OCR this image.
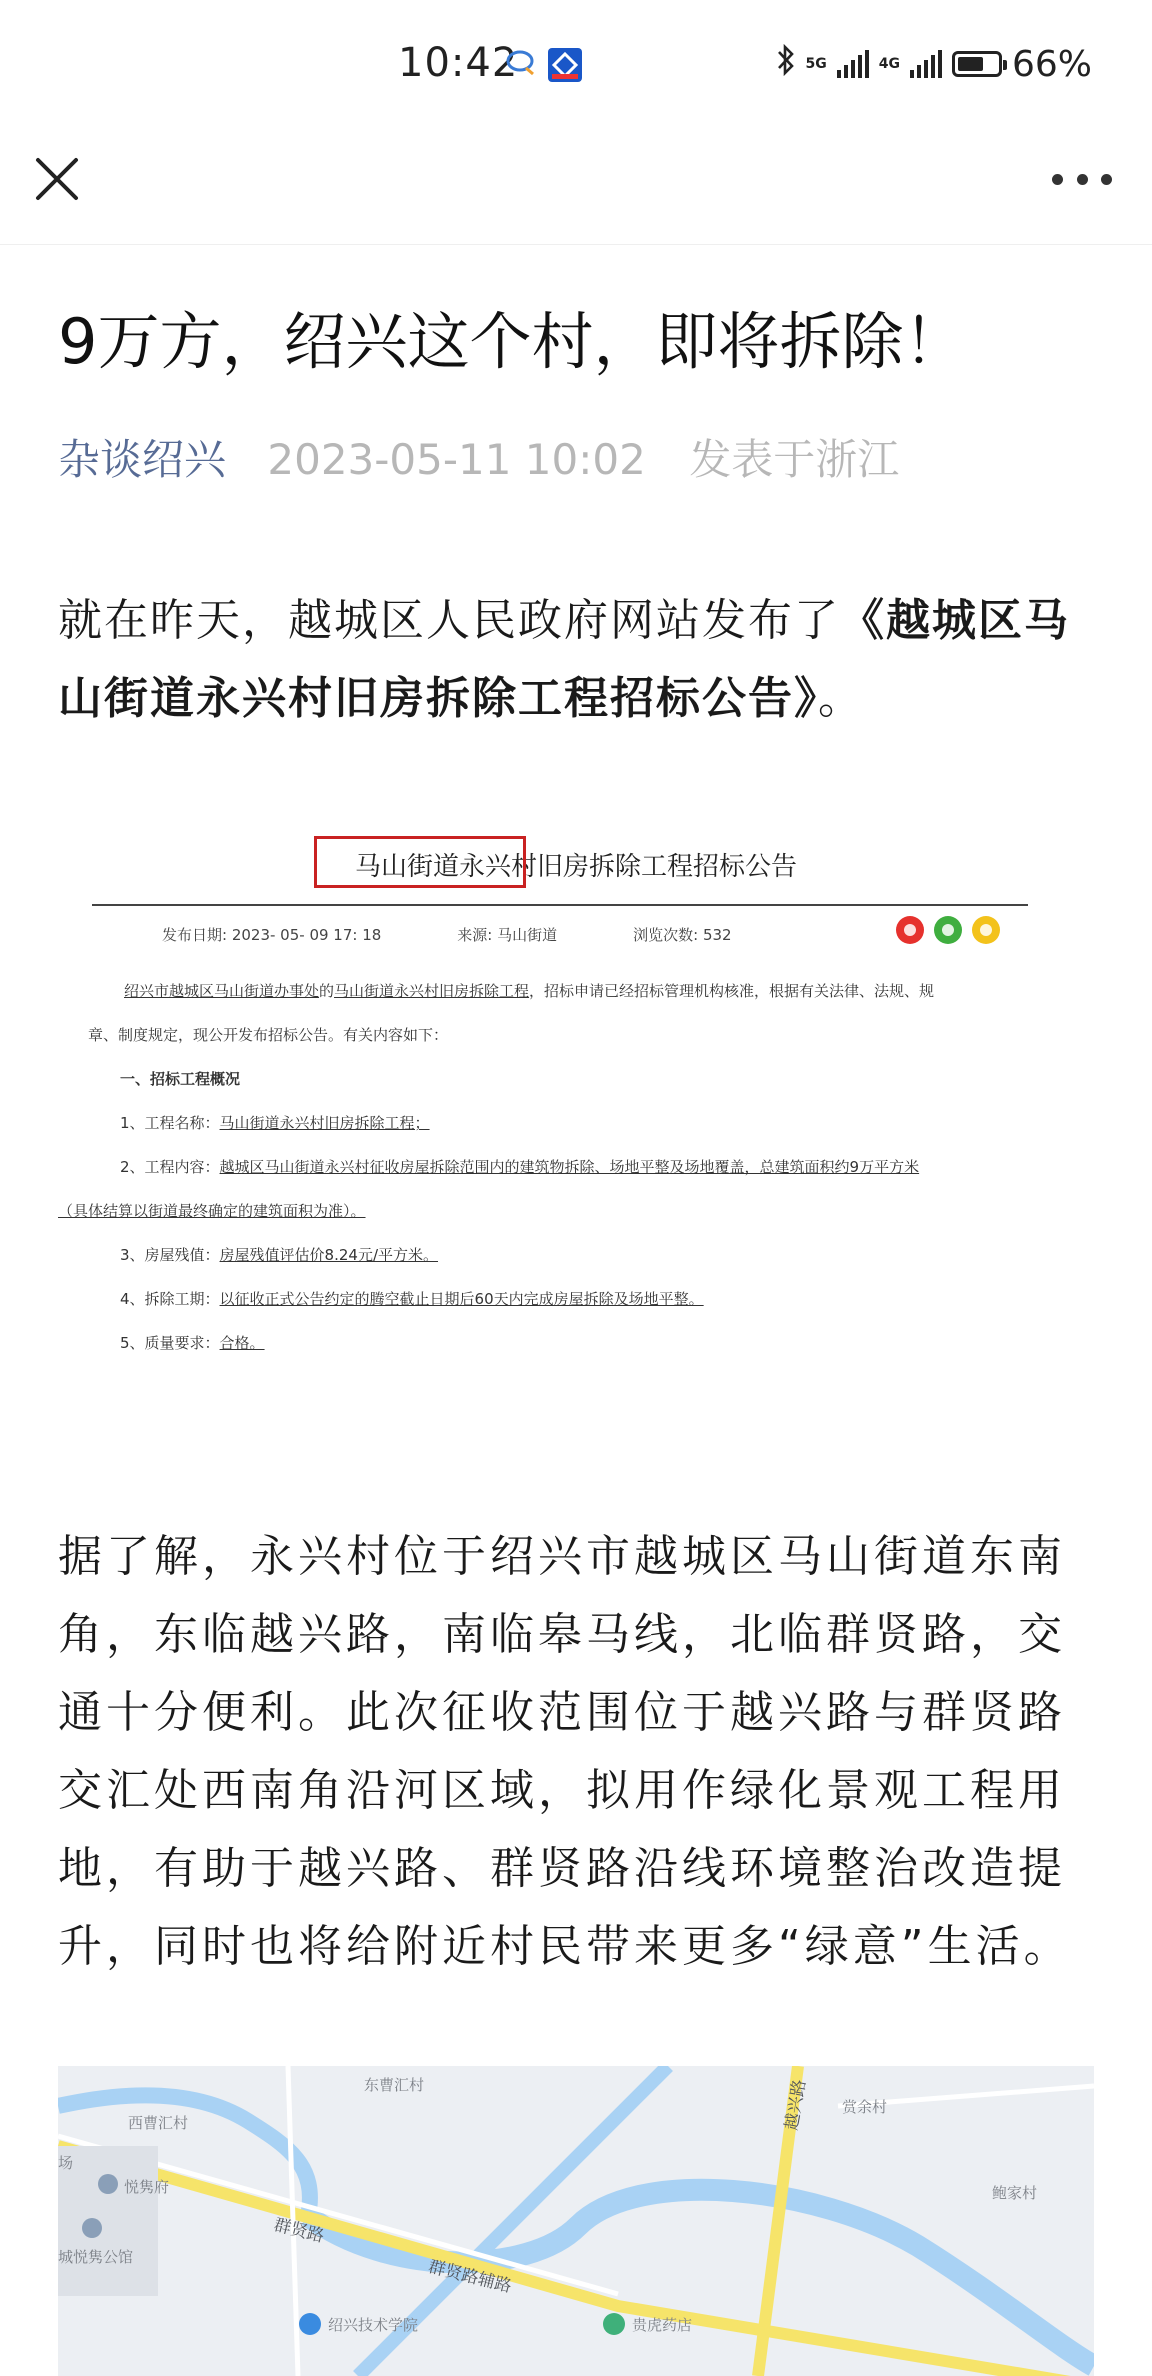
10:42	5G	4G	66%
9万方，绍兴这个村，即将拆除！
杂谈绍兴 2023-05-11 10:02 发表于浙江

就在昨天，越城区人民政府网站发布了《越城区马山街道永兴村旧房拆除工程招标公告》。

马山街道永兴村旧房拆除工程招标公告
发布日期: 2023- 05- 09 17: 18	来源: 马山街道	浏览次数: 532
绍兴市越城区马山街道办事处的马山街道永兴村旧房拆除工程，招标申请已经招标管理机构核准，根据有关法律、法规、规
章、制度规定，现公开发布招标公告。有关内容如下：
一、招标工程概况
1、工程名称：马山街道永兴村旧房拆除工程；
2、工程内容：越城区马山街道永兴村征收房屋拆除范围内的建筑物拆除、场地平整及场地覆盖，总建筑面积约9万平方米
（具体结算以街道最终确定的建筑面积为准）。
3、房屋残值：房屋残值评估价8.24元/平方米。
4、拆除工期：以征收正式公告约定的腾空截止日期后60天内完成房屋拆除及场地平整。
5、质量要求：合格。

据了解，永兴村位于绍兴市越城区马山街道东南角，东临越兴路，南临皋马线，北临群贤路，交通十分便利。此次征收范围位于越兴路与群贤路交汇处西南角沿河区域，拟用作绿化景观工程用地，有助于越兴路、群贤路沿线环境整治改造提升，同时也将给附近村民带来更多“绿意”生活。

东曹汇村
西曹汇村
场
悦隽府
城悦隽公馆
群贤路
群贤路辅路
越兴路 赏余村
鲍家村
绍兴技术学院	贵虎药店
